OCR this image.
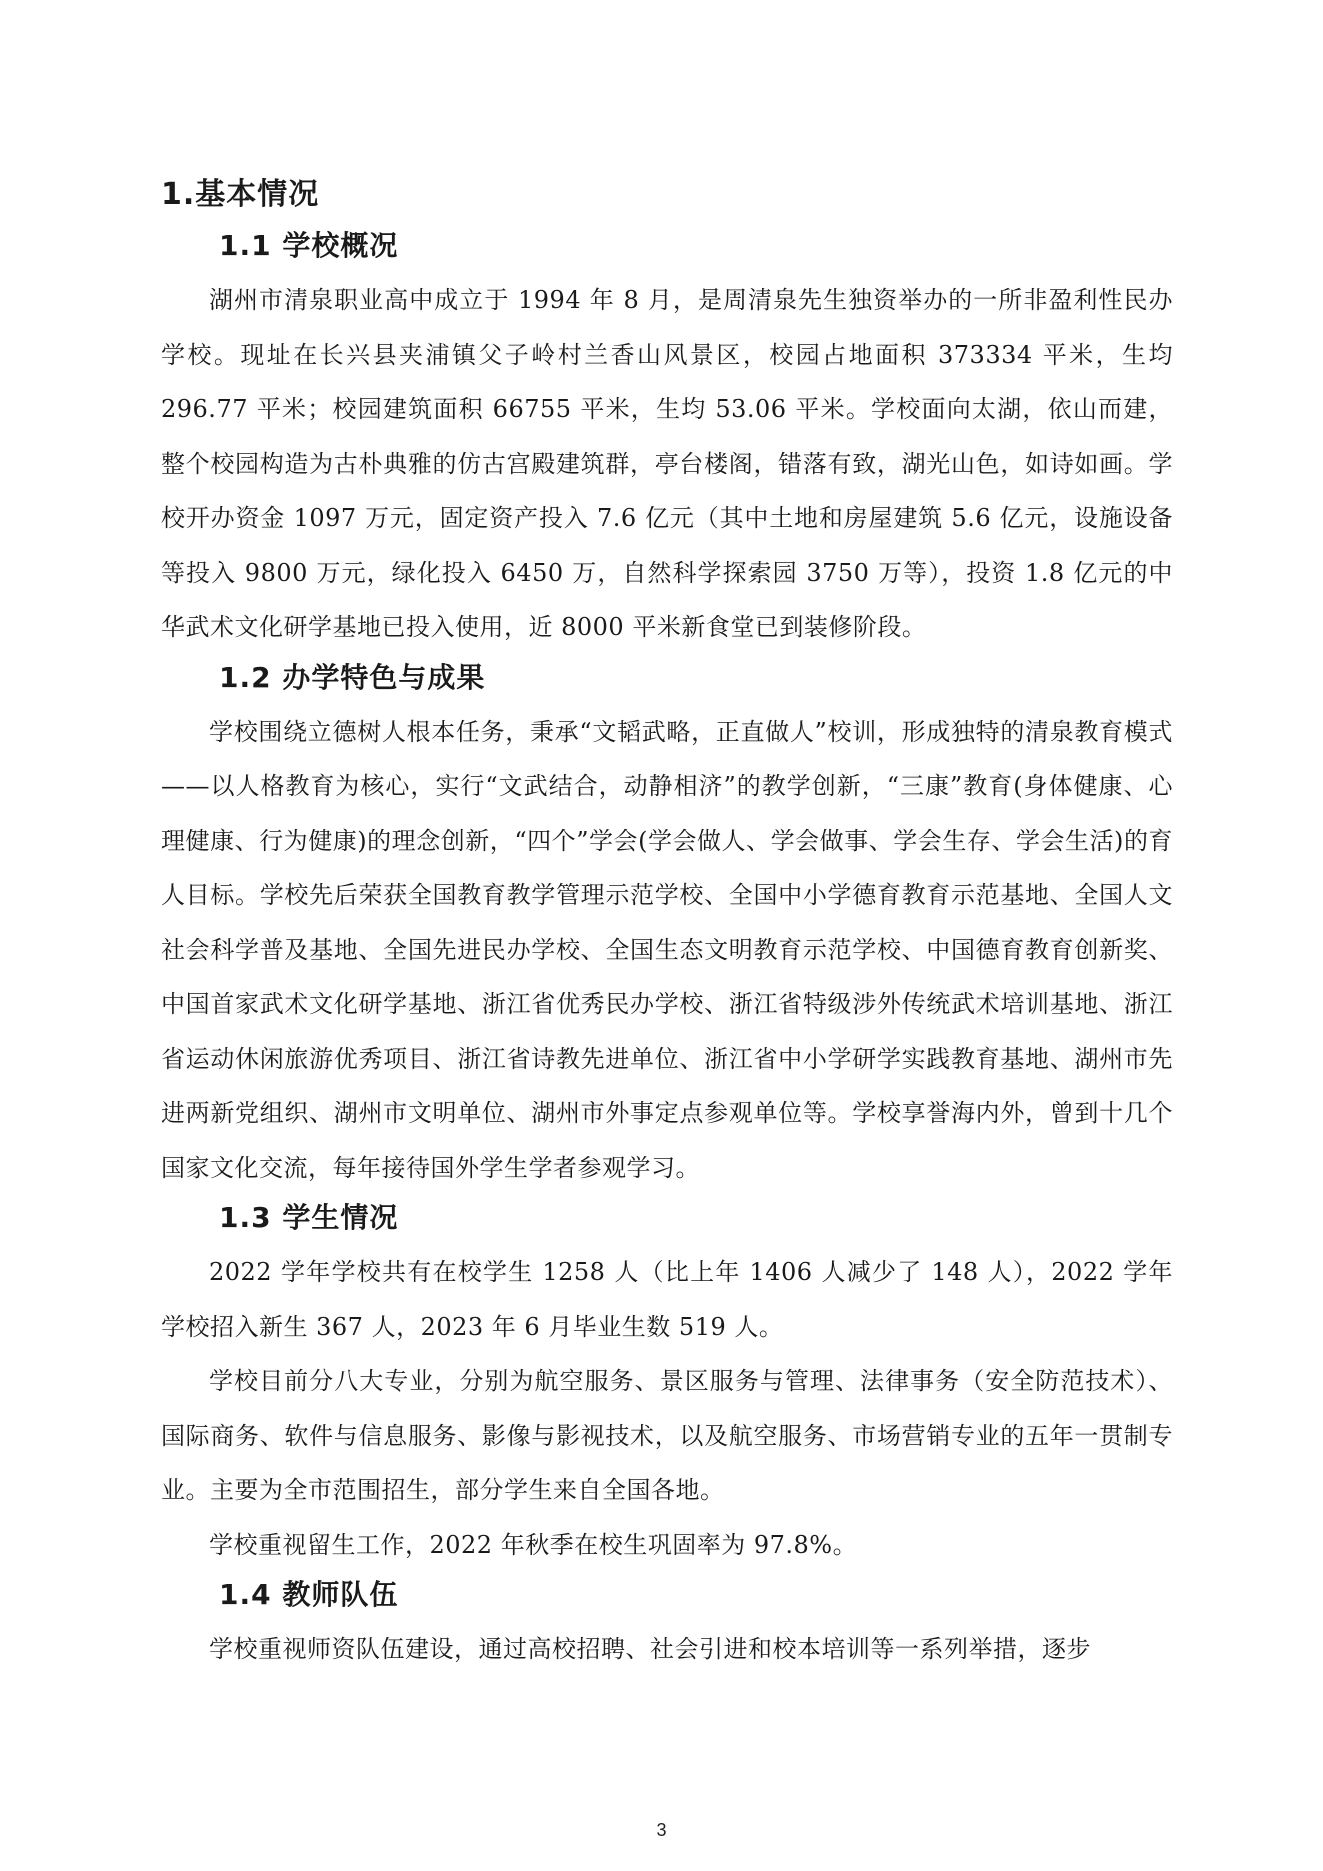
1.基本情况
1.1 学校概况

湖州市清泉职业高中成立于 1994 年 8 月，是周清泉先生独资举办的一所非盈利性民办学校。现址在长兴县夹浦镇父子岭村兰香山风景区，校园占地面积 373334 平米，生均 296.77 平米；校园建筑面积 66755 平米，生均 53.06 平米。学校面向太湖，依山而建，整个校园构造为古朴典雅的仿古宫殿建筑群，亭台楼阁，错落有致，湖光山色，如诗如画。学校开办资金 1097 万元，固定资产投入 7.6 亿元（其中土地和房屋建筑 5.6 亿元，设施设备等投入 9800 万元，绿化投入 6450 万，自然科学探索园 3750 万等），投资 1.8 亿元的中华武术文化研学基地已投入使用，近 8000 平米新食堂已到装修阶段。

1.2 办学特色与成果

学校围绕立德树人根本任务，秉承“文韬武略，正直做人”校训，形成独特的清泉教育模式——以人格教育为核心，实行“文武结合，动静相济”的教学创新，“三康”教育(身体健康、心理健康、行为健康)的理念创新，“四个”学会(学会做人、学会做事、学会生存、学会生活)的育人目标。学校先后荣获全国教育教学管理示范学校、全国中小学德育教育示范基地、全国人文社会科学普及基地、全国先进民办学校、全国生态文明教育示范学校、中国德育教育创新奖、中国首家武术文化研学基地、浙江省优秀民办学校、浙江省特级涉外传统武术培训基地、浙江省运动休闲旅游优秀项目、浙江省诗教先进单位、浙江省中小学研学实践教育基地、湖州市先进两新党组织、湖州市文明单位、湖州市外事定点参观单位等。学校享誉海内外，曾到十几个国家文化交流，每年接待国外学生学者参观学习。

1.3 学生情况

2022 学年学校共有在校学生 1258 人（比上年 1406 人减少了 148 人），2022 学年学校招入新生 367 人，2023 年 6 月毕业生数 519 人。

学校目前分八大专业，分别为航空服务、景区服务与管理、法律事务（安全防范技术）、国际商务、软件与信息服务、影像与影视技术，以及航空服务、市场营销专业的五年一贯制专业。主要为全市范围招生，部分学生来自全国各地。

学校重视留生工作，2022 年秋季在校生巩固率为 97.8%。

1.4 教师队伍

学校重视师资队伍建设，通过高校招聘、社会引进和校本培训等一系列举措，逐步

3
